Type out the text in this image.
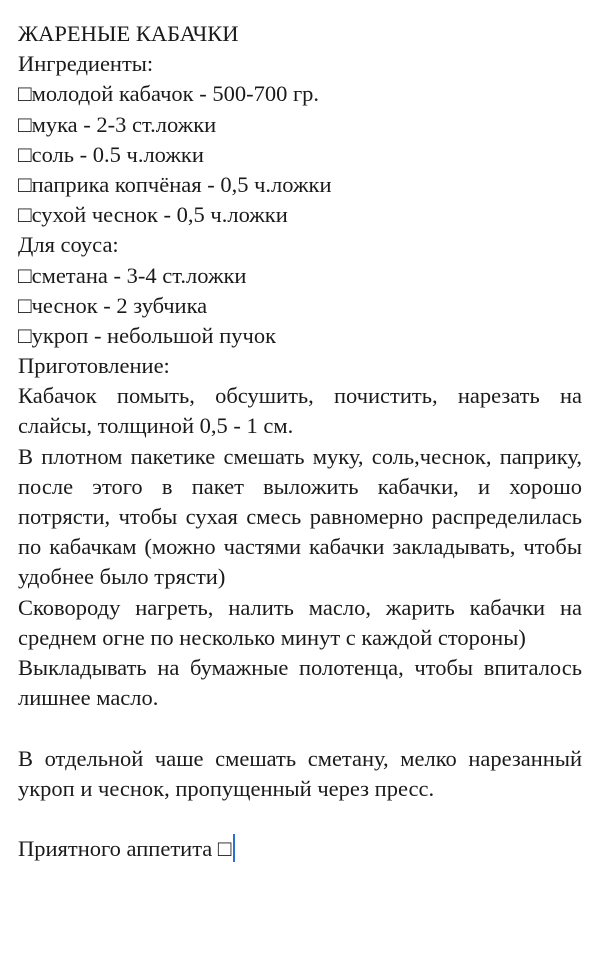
ЖАРЕНЫЕ КАБАЧКИ
Ингредиенты:
□молодой кабачок - 500-700 гр.
□мука - 2-3 ст.ложки
□соль - 0.5 ч.ложки
□паприка копчёная - 0,5 ч.ложки
□сухой чеснок - 0,5 ч.ложки
Для соуса:
□сметана - 3-4 ст.ложки
□чеснок - 2 зубчика
□укроп - небольшой пучок
Приготовление:
Кабачок помыть, обсушить, почистить, нарезать на слайсы, толщиной 0,5 - 1 см.
В плотном пакетике смешать муку, соль,чеснок, паприку, после этого в пакет выложить кабачки, и хорошо потрясти, чтобы сухая смесь равномерно распределилась по кабачкам (можно частями кабачки закладывать, чтобы удобнее было трясти)
Сковороду нагреть, налить масло, жарить кабачки на среднем огне по несколько минут с каждой стороны)
Выкладывать на бумажные полотенца, чтобы впиталось лишнее масло.
В отдельной чаше смешать сметану, мелко нарезанный укроп и чеснок, пропущенный через пресс.
Приятного аппетита □
